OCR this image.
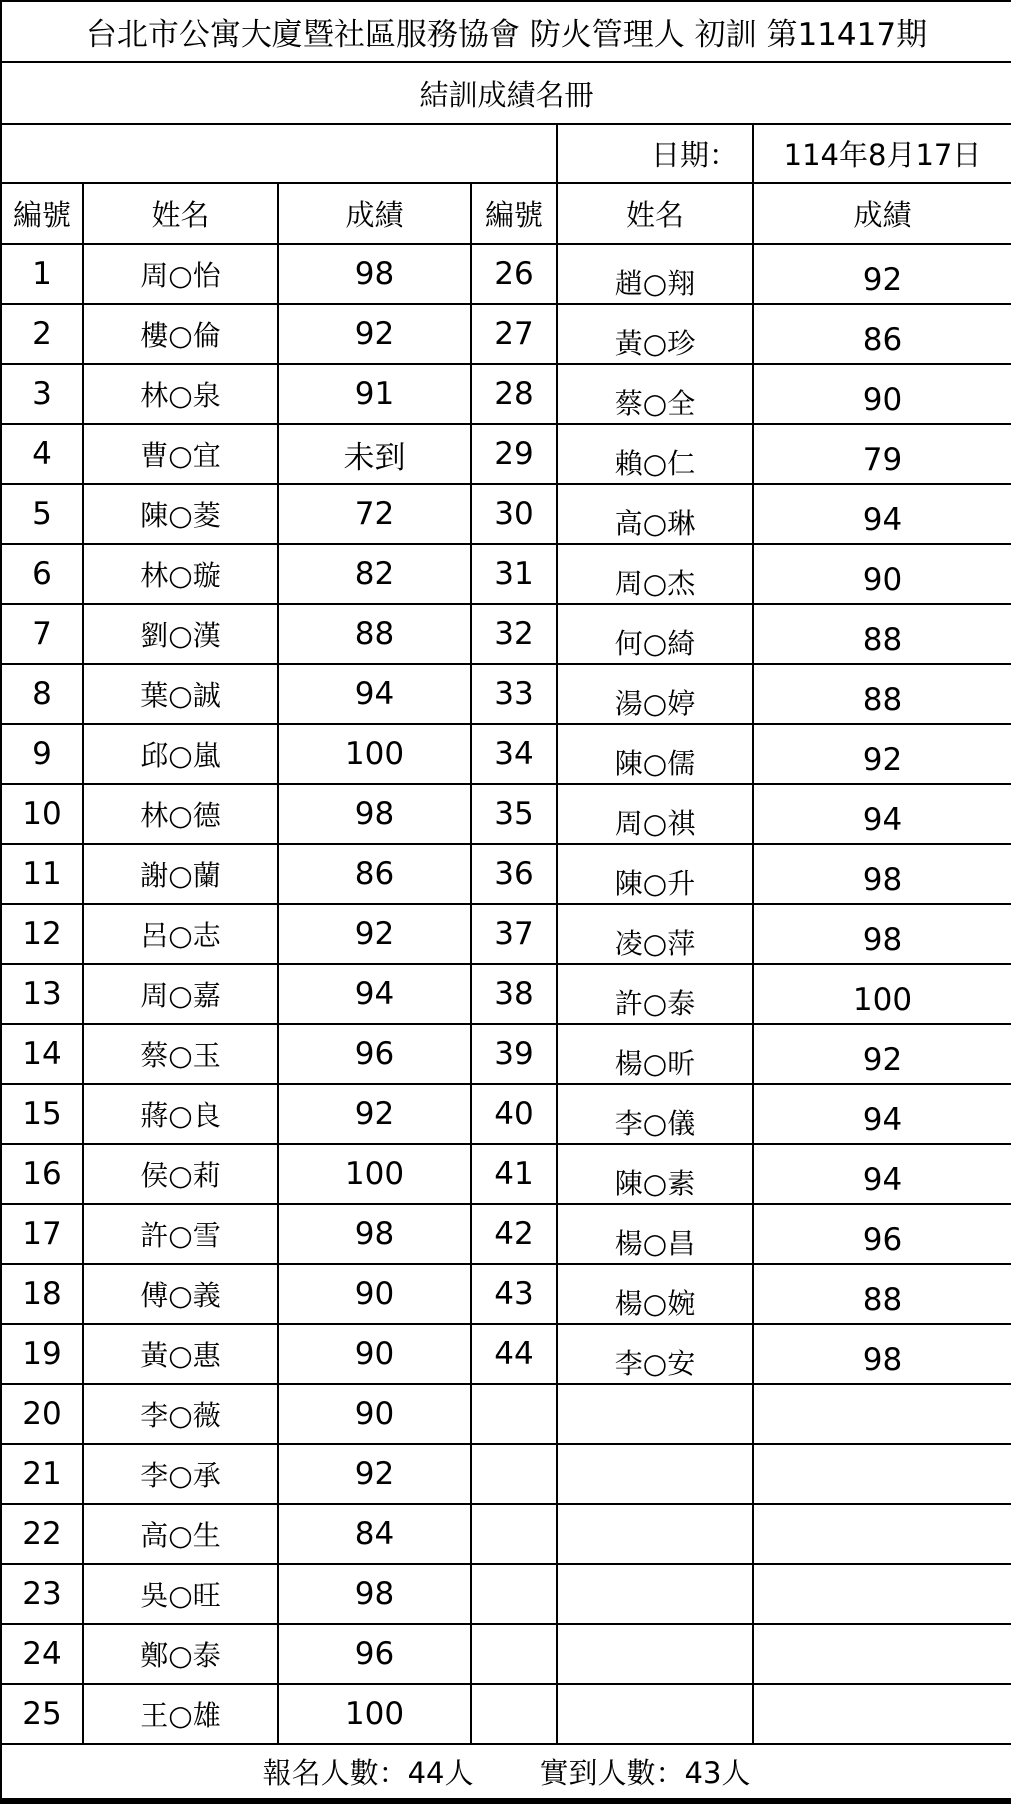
台北市公寓大廈暨社區服務協會 防火管理人 初訓 第11417期					
結訓成績名冊					
				日期：	114年8月17日
編號	姓名	成績	編號	姓名	成績
1	周○怡	98	26	趙○翔	92
2	樓○倫	92	27	黃○珍	86
3	林○泉	91	28	蔡○全	90
4	曹○宜	未到	29	賴○仁	79
5	陳○菱	72	30	高○琳	94
6	林○璇	82	31	周○杰	90
7	劉○漢	88	32	何○綺	88
8	葉○誠	94	33	湯○婷	88
9	邱○嵐	100	34	陳○儒	92
10	林○德	98	35	周○祺	94
11	謝○蘭	86	36	陳○升	98
12	呂○志	92	37	凌○萍	98
13	周○嘉	94	38	許○泰	100
14	蔡○玉	96	39	楊○昕	92
15	蔣○良	92	40	李○儀	94
16	侯○莉	100	41	陳○素	94
17	許○雪	98	42	楊○昌	96
18	傅○義	90	43	楊○婉	88
19	黃○惠	90	44	李○安	98
20	李○薇	90			
21	李○承	92			
22	高○生	84			
23	吳○旺	98			
24	鄭○泰	96			
25	王○雄	100			
報名人數：44人 實到人數：43人					
